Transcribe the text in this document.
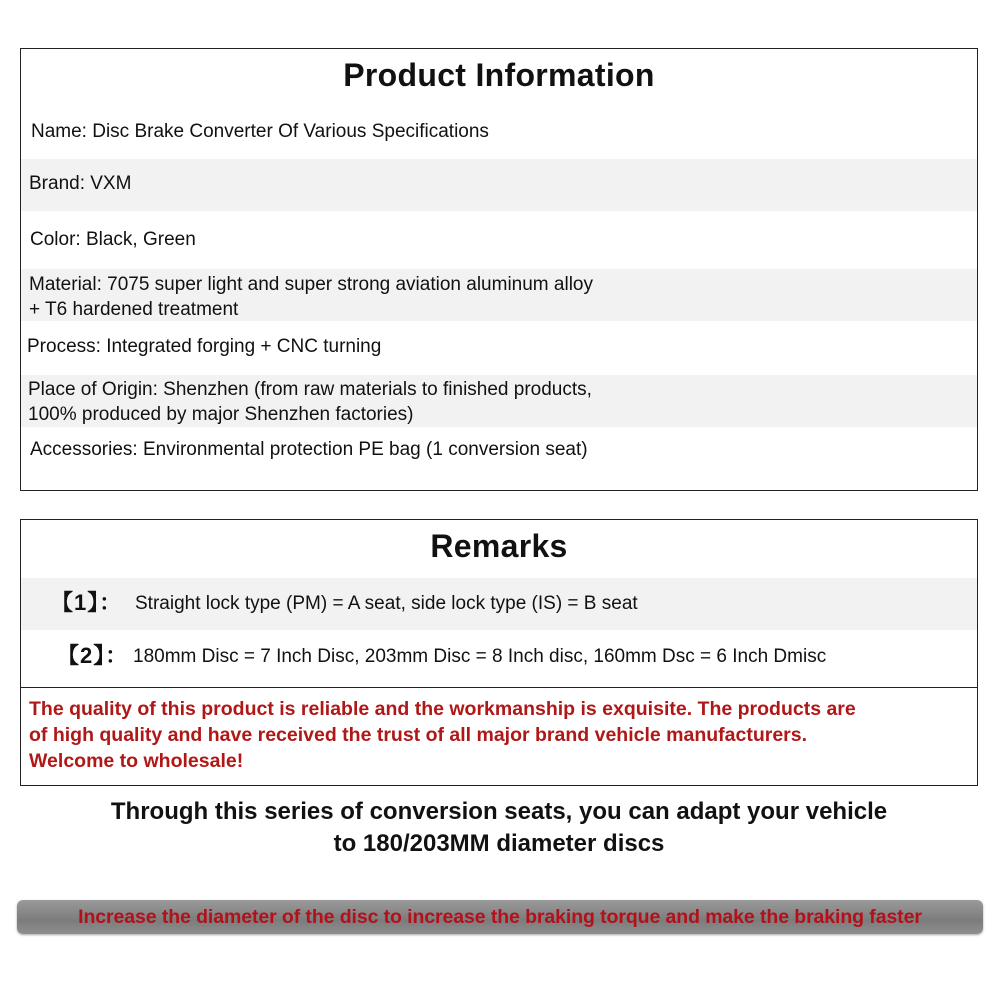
Product Information
Name: Disc Brake Converter Of Various Specifications
Brand: VXM
Color: Black, Green
Material: 7075 super light and super strong aviation aluminum alloy
+ T6 hardened treatment
Process: Integrated forging + CNC turning
Place of Origin: Shenzhen (from raw materials to finished products,
100% produced by major Shenzhen factories)
Accessories: Environmental protection PE bag (1 conversion seat)
Remarks
【1】： Straight lock type (PM) = A seat, side lock type (IS) = B seat
【2】： 180mm Disc = 7 Inch Disc, 203mm Disc = 8 Inch disc, 160mm Dsc = 6 Inch Dmisc
The quality of this product is reliable and the workmanship is exquisite. The products are
of high quality and have received the trust of all major brand vehicle manufacturers.
Welcome to wholesale!
Through this series of conversion seats, you can adapt your vehicle
to 180/203MM diameter discs
Increase the diameter of the disc to increase the braking torque and make the braking faster
